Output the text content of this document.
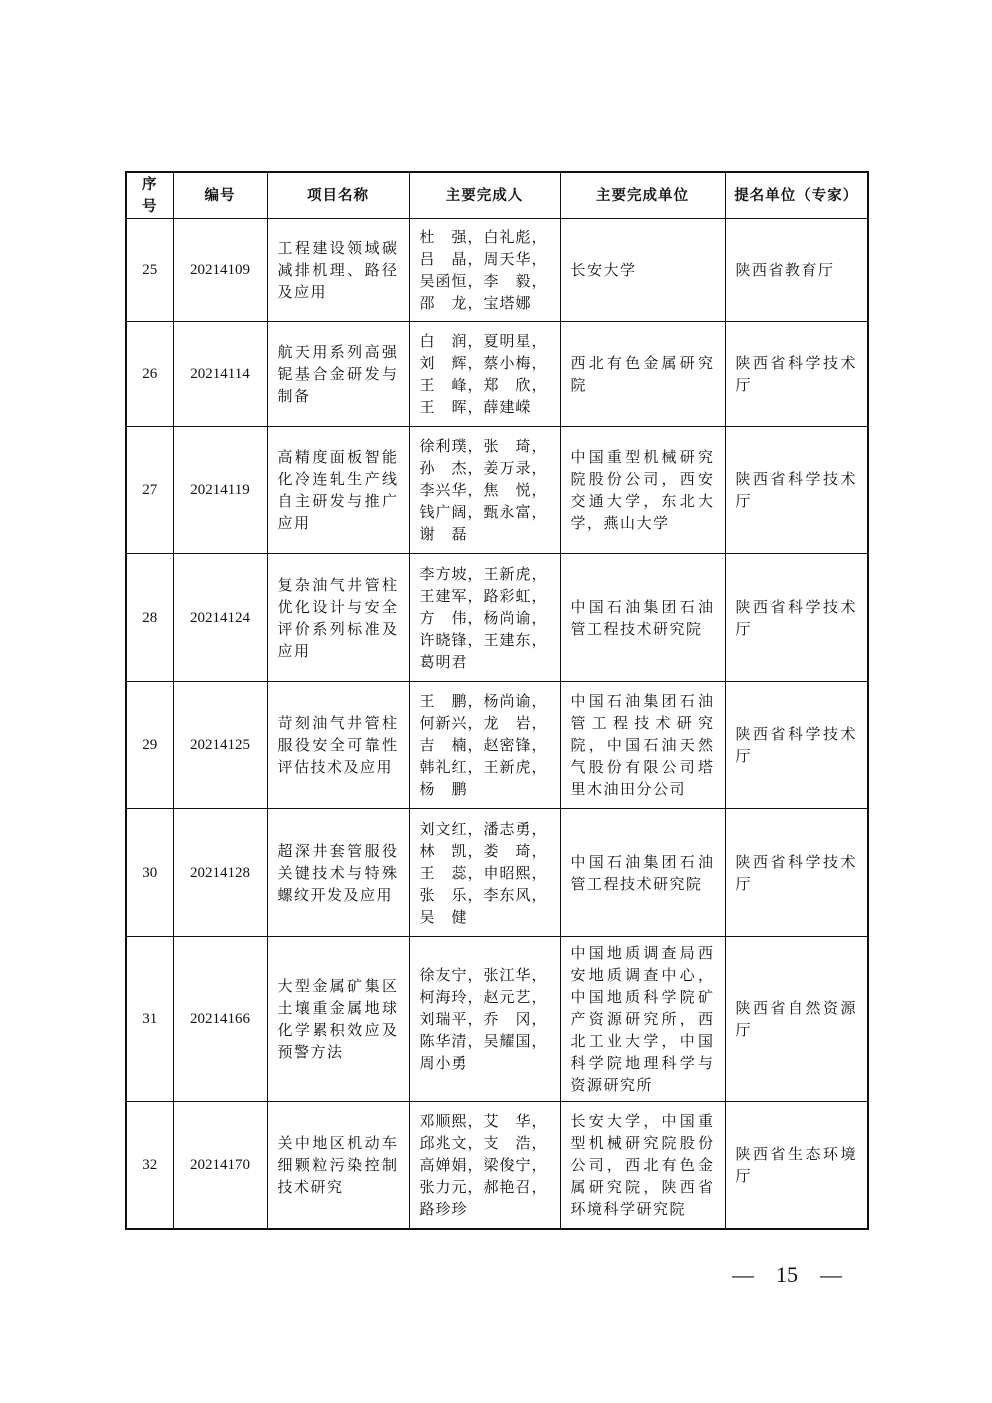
序号	编号	项目名称	主要完成人	主要完成单位	提名单位（专家）
25	20214109	工程建设领域碳减排机理、路径及应用	杜　强，白礼彪，
吕　晶，周天华，
吴函恒，李　毅，
邵　龙，宝塔娜	长安大学	陕西省教育厅
26	20214114	航天用系列高强铌基合金研发与制备	白　润，夏明星，
刘　辉，蔡小梅，
王　峰，郑　欣，
王　晖，薛建嵘	西北有色金属研究院	陕西省科学技术厅
27	20214119	高精度面板智能化冷连轧生产线自主研发与推广应用	徐利璞，张　琦，
孙　杰，姜万录，
李兴华，焦　悦，
钱广阔，甄永富，
谢　磊	中国重型机械研究院股份公司，西安交通大学，东北大学，燕山大学	陕西省科学技术厅
28	20214124	复杂油气井管柱优化设计与安全评价系列标准及应用	李方坡，王新虎，
王建军，路彩虹，
方　伟，杨尚谕，
许晓锋，王建东，
葛明君	中国石油集团石油管工程技术研究院	陕西省科学技术厅
29	20214125	苛刻油气井管柱服役安全可靠性评估技术及应用	王　鹏，杨尚谕，
何新兴，龙　岩，
吉　楠，赵密锋，
韩礼红，王新虎，
杨　鹏	中国石油集团石油管工程技术研究院，中国石油天然气股份有限公司塔里木油田分公司	陕西省科学技术厅
30	20214128	超深井套管服役关键技术与特殊螺纹开发及应用	刘文红，潘志勇，
林　凯，娄　琦，
王　蕊，申昭熙，
张　乐，李东风，
吴　健	中国石油集团石油管工程技术研究院	陕西省科学技术厅
31	20214166	大型金属矿集区土壤重金属地球化学累积效应及预警方法	徐友宁，张江华，
柯海玲，赵元艺，
刘瑞平，乔　冈，
陈华清，吴耀国，
周小勇	中国地质调查局西安地质调查中心，中国地质科学院矿产资源研究所，西北工业大学，中国科学院地理科学与资源研究所	陕西省自然资源厅
32	20214170	关中地区机动车细颗粒污染控制技术研究	邓顺熙，艾　华，
邱兆文，支　浩，
高婵娟，梁俊宁，
张力元，郝艳召，
路珍珍	长安大学，中国重型机械研究院股份公司，西北有色金属研究院，陕西省环境科学研究院	陕西省生态环境厅
—　15　—
